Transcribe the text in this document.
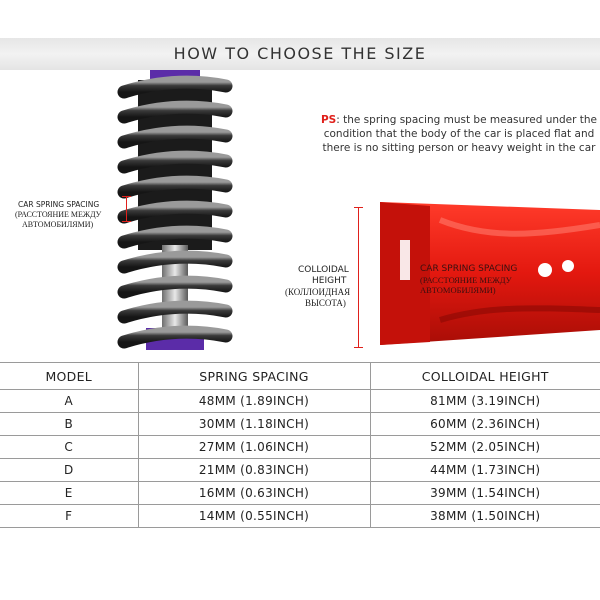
HOW TO CHOOSE THE SIZE
CAR SPRING SPACING
(РАССТОЯНИЕ МЕЖДУ
АВТОМОБИЛЯМИ)
PS: the spring spacing must be measured under the condition that the body of the car is placed flat and there is no sitting person or heavy weight in the car
COLLOIDAL
HEIGHT
(КОЛЛОИДНАЯ
ВЫСОТА)
CAR SPRING SPACING
(РАССТОЯНИЕ МЕЖДУ
АВТОМОБИЛЯМИ)
MODEL	SPRING SPACING	COLLOIDAL HEIGHT
A	48MM (1.89INCH)	81MM (3.19INCH)
B	30MM (1.18INCH)	60MM (2.36INCH)
C	27MM (1.06INCH)	52MM (2.05INCH)
D	21MM (0.83INCH)	44MM (1.73INCH)
E	16MM (0.63INCH)	39MM (1.54INCH)
F	14MM (0.55INCH)	38MM (1.50INCH)
